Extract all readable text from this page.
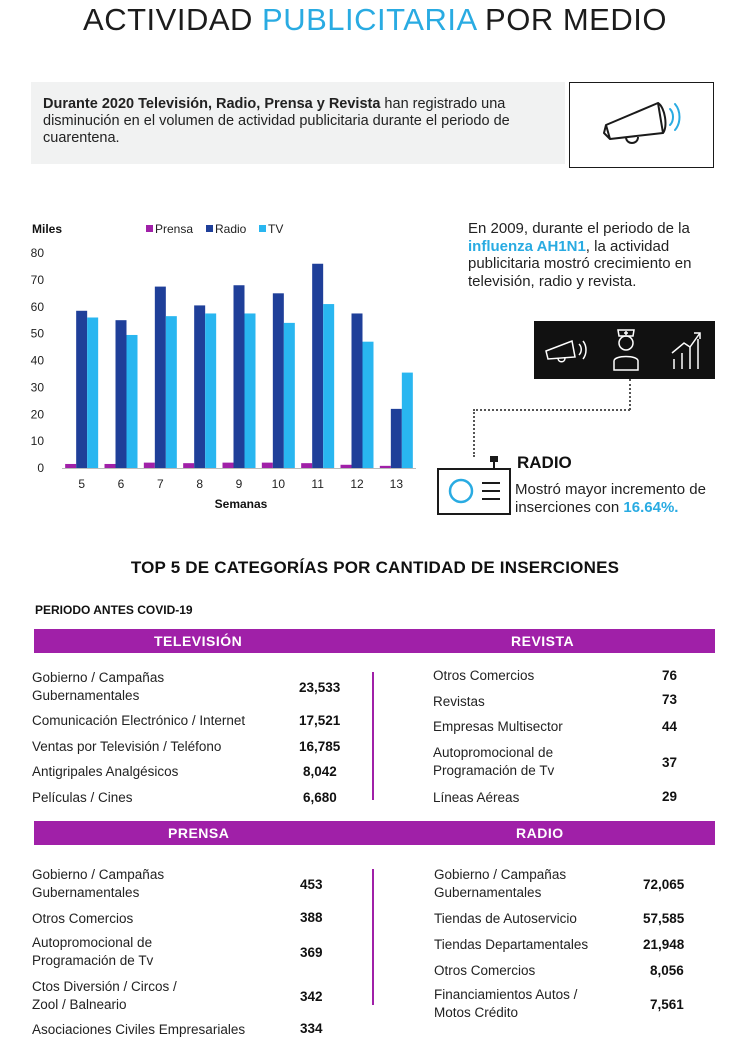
ACTIVIDAD PUBLICITARIA POR MEDIO
Durante 2020 Televisión, Radio, Prensa y Revista han registrado una disminución en el volumen de actividad publicitaria durante el periodo de cuarentena.
Miles
0
10
20
30
40
50
60
70
80
Prensa Radio TV
5	6	7	8	9 10 11 12 13
Semanas
En 2009, durante el periodo de la influenza AH1N1, la actividad publicitaria mostró crecimiento en televisión, radio y revista.
RADIO
Mostró mayor incremento de inserciones con 16.64%.
TOP 5 DE CATEGORÍAS POR CANTIDAD DE INSERCIONES
PERIODO ANTES COVID-19
TELEVISIÓN	REVISTA
PRENSA	RADIO
Gobierno / Campañas Gubernamentales
23,533
Comunicación Electrónico / Internet	17,521
Ventas por Televisión / Teléfono	16,785
Antigripales Analgésicos	8,042
Películas / Cines	6,680
Otros Comercios	76
Revistas	73
Empresas Multisector	44
Autopromocional de Programación de Tv
37
Líneas Aéreas	29
Gobierno / Campañas Gubernamentales
453
Otros Comercios	388
Autopromocional de Programación de Tv
369
Ctos Diversión / Circos / Zool / Balneario
342
Asociaciones Civiles Empresariales	334
Gobierno / Campañas Gubernamentales
72,065
Tiendas de Autoservicio	57,585
Tiendas Departamentales	21,948
Otros Comercios	8,056
Financiamientos Autos / Motos Crédito
7,561
